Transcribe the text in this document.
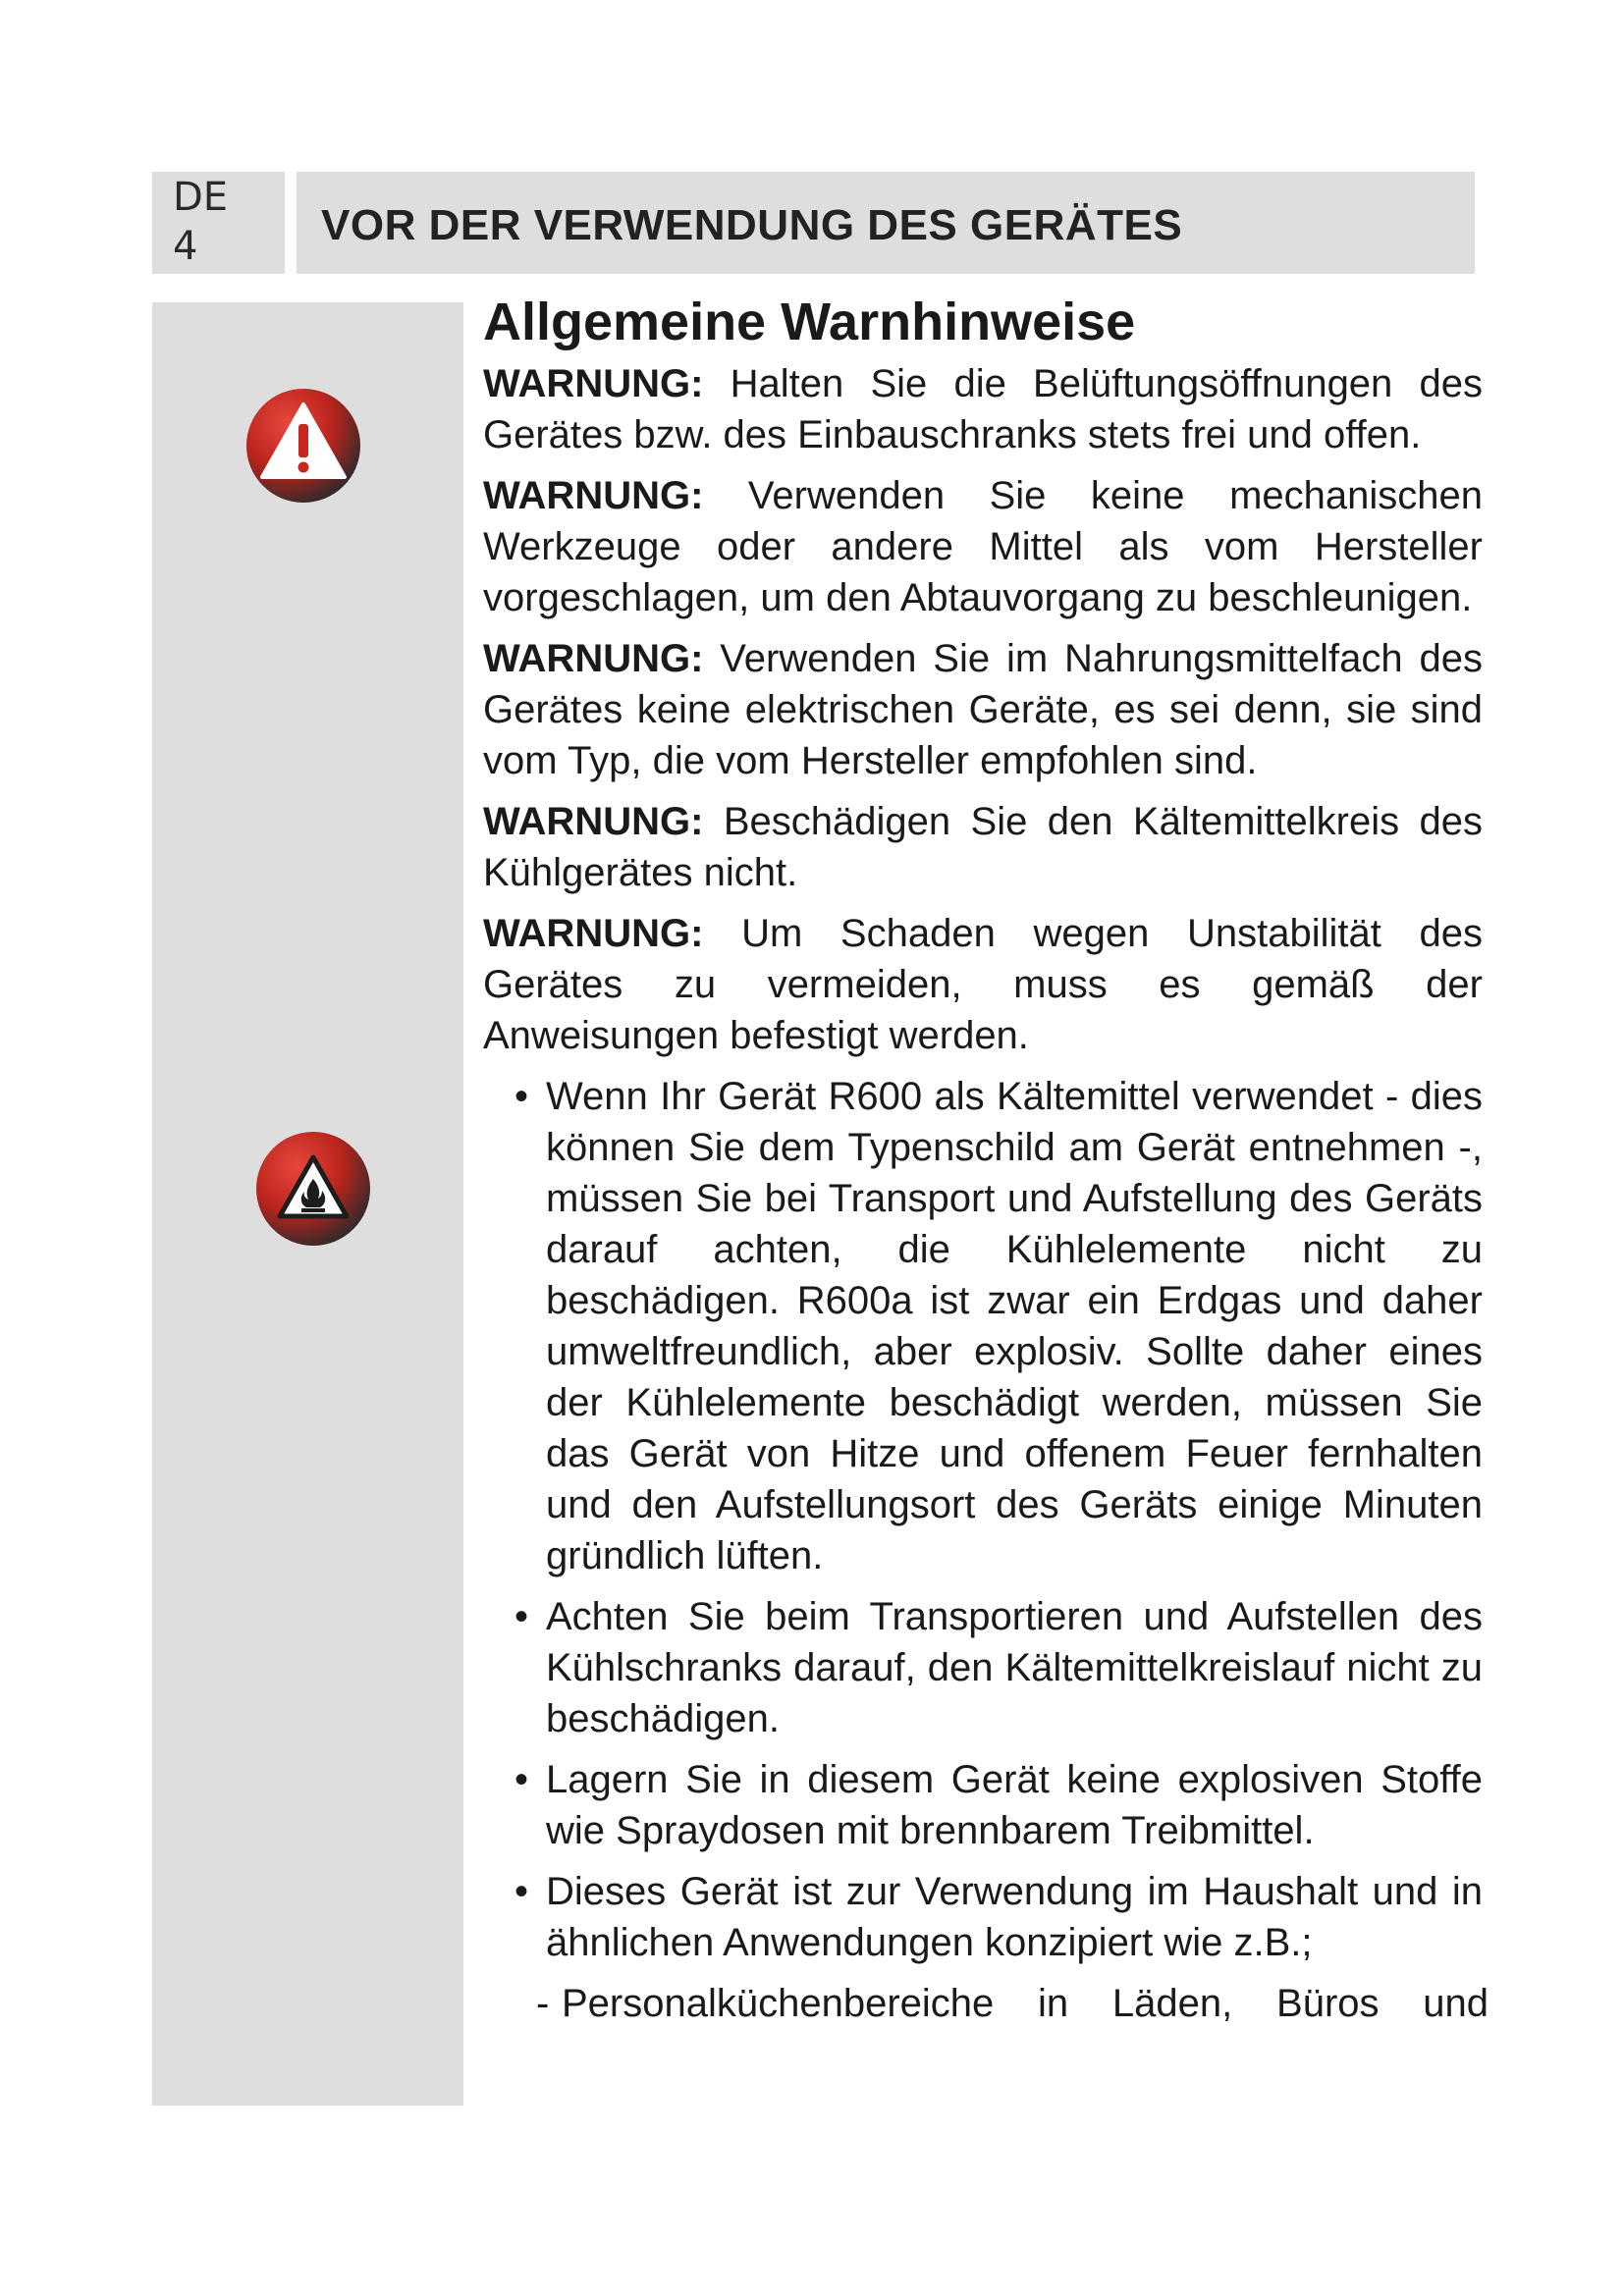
DE
4	VOR DER VERWENDUNG DES GERÄTES
Allgemeine Warnhinweise

WARNUNG: Halten Sie die Belüftungsöffnungen des Gerätes bzw. des Einbauschranks stets frei und offen.

WARNUNG: Verwenden Sie keine mechanischen Werkzeuge oder andere Mittel als vom Hersteller vorgeschlagen, um den Abtauvorgang zu beschleunigen.

WARNUNG: Verwenden Sie im Nahrungsmittelfach des Gerätes keine elektrischen Geräte, es sei denn, sie sind vom Typ, die vom Hersteller empfohlen sind.

WARNUNG: Beschädigen Sie den Kältemittelkreis des Kühlgerätes nicht.

WARNUNG: Um Schaden wegen Unstabilität des Gerätes zu vermeiden, muss es gemäß der Anweisungen befestigt werden.

• Wenn Ihr Gerät R600 als Kältemittel verwendet - dies können Sie dem Typenschild am Gerät entnehmen -, müssen Sie bei Transport und Aufstellung des Geräts darauf achten, die Kühlelemente nicht zu beschädigen. R600a ist zwar ein Erdgas und daher umweltfreundlich, aber explosiv. Sollte daher eines der Kühlelemente beschädigt werden, müssen Sie das Gerät von Hitze und offenem Feuer fernhalten und den Aufstellungsort des Geräts einige Minuten gründlich lüften.
• Achten Sie beim Transportieren und Aufstellen des Kühlschranks darauf, den Kältemittelkreislauf nicht zu beschädigen.
• Lagern Sie in diesem Gerät keine explosiven Stoffe wie Spraydosen mit brennbarem Treibmittel.
• Dieses Gerät ist zur Verwendung im Haushalt und in ähnlichen Anwendungen konzipiert wie z.B.;
- Personalküchenbereiche in Läden, Büros und
